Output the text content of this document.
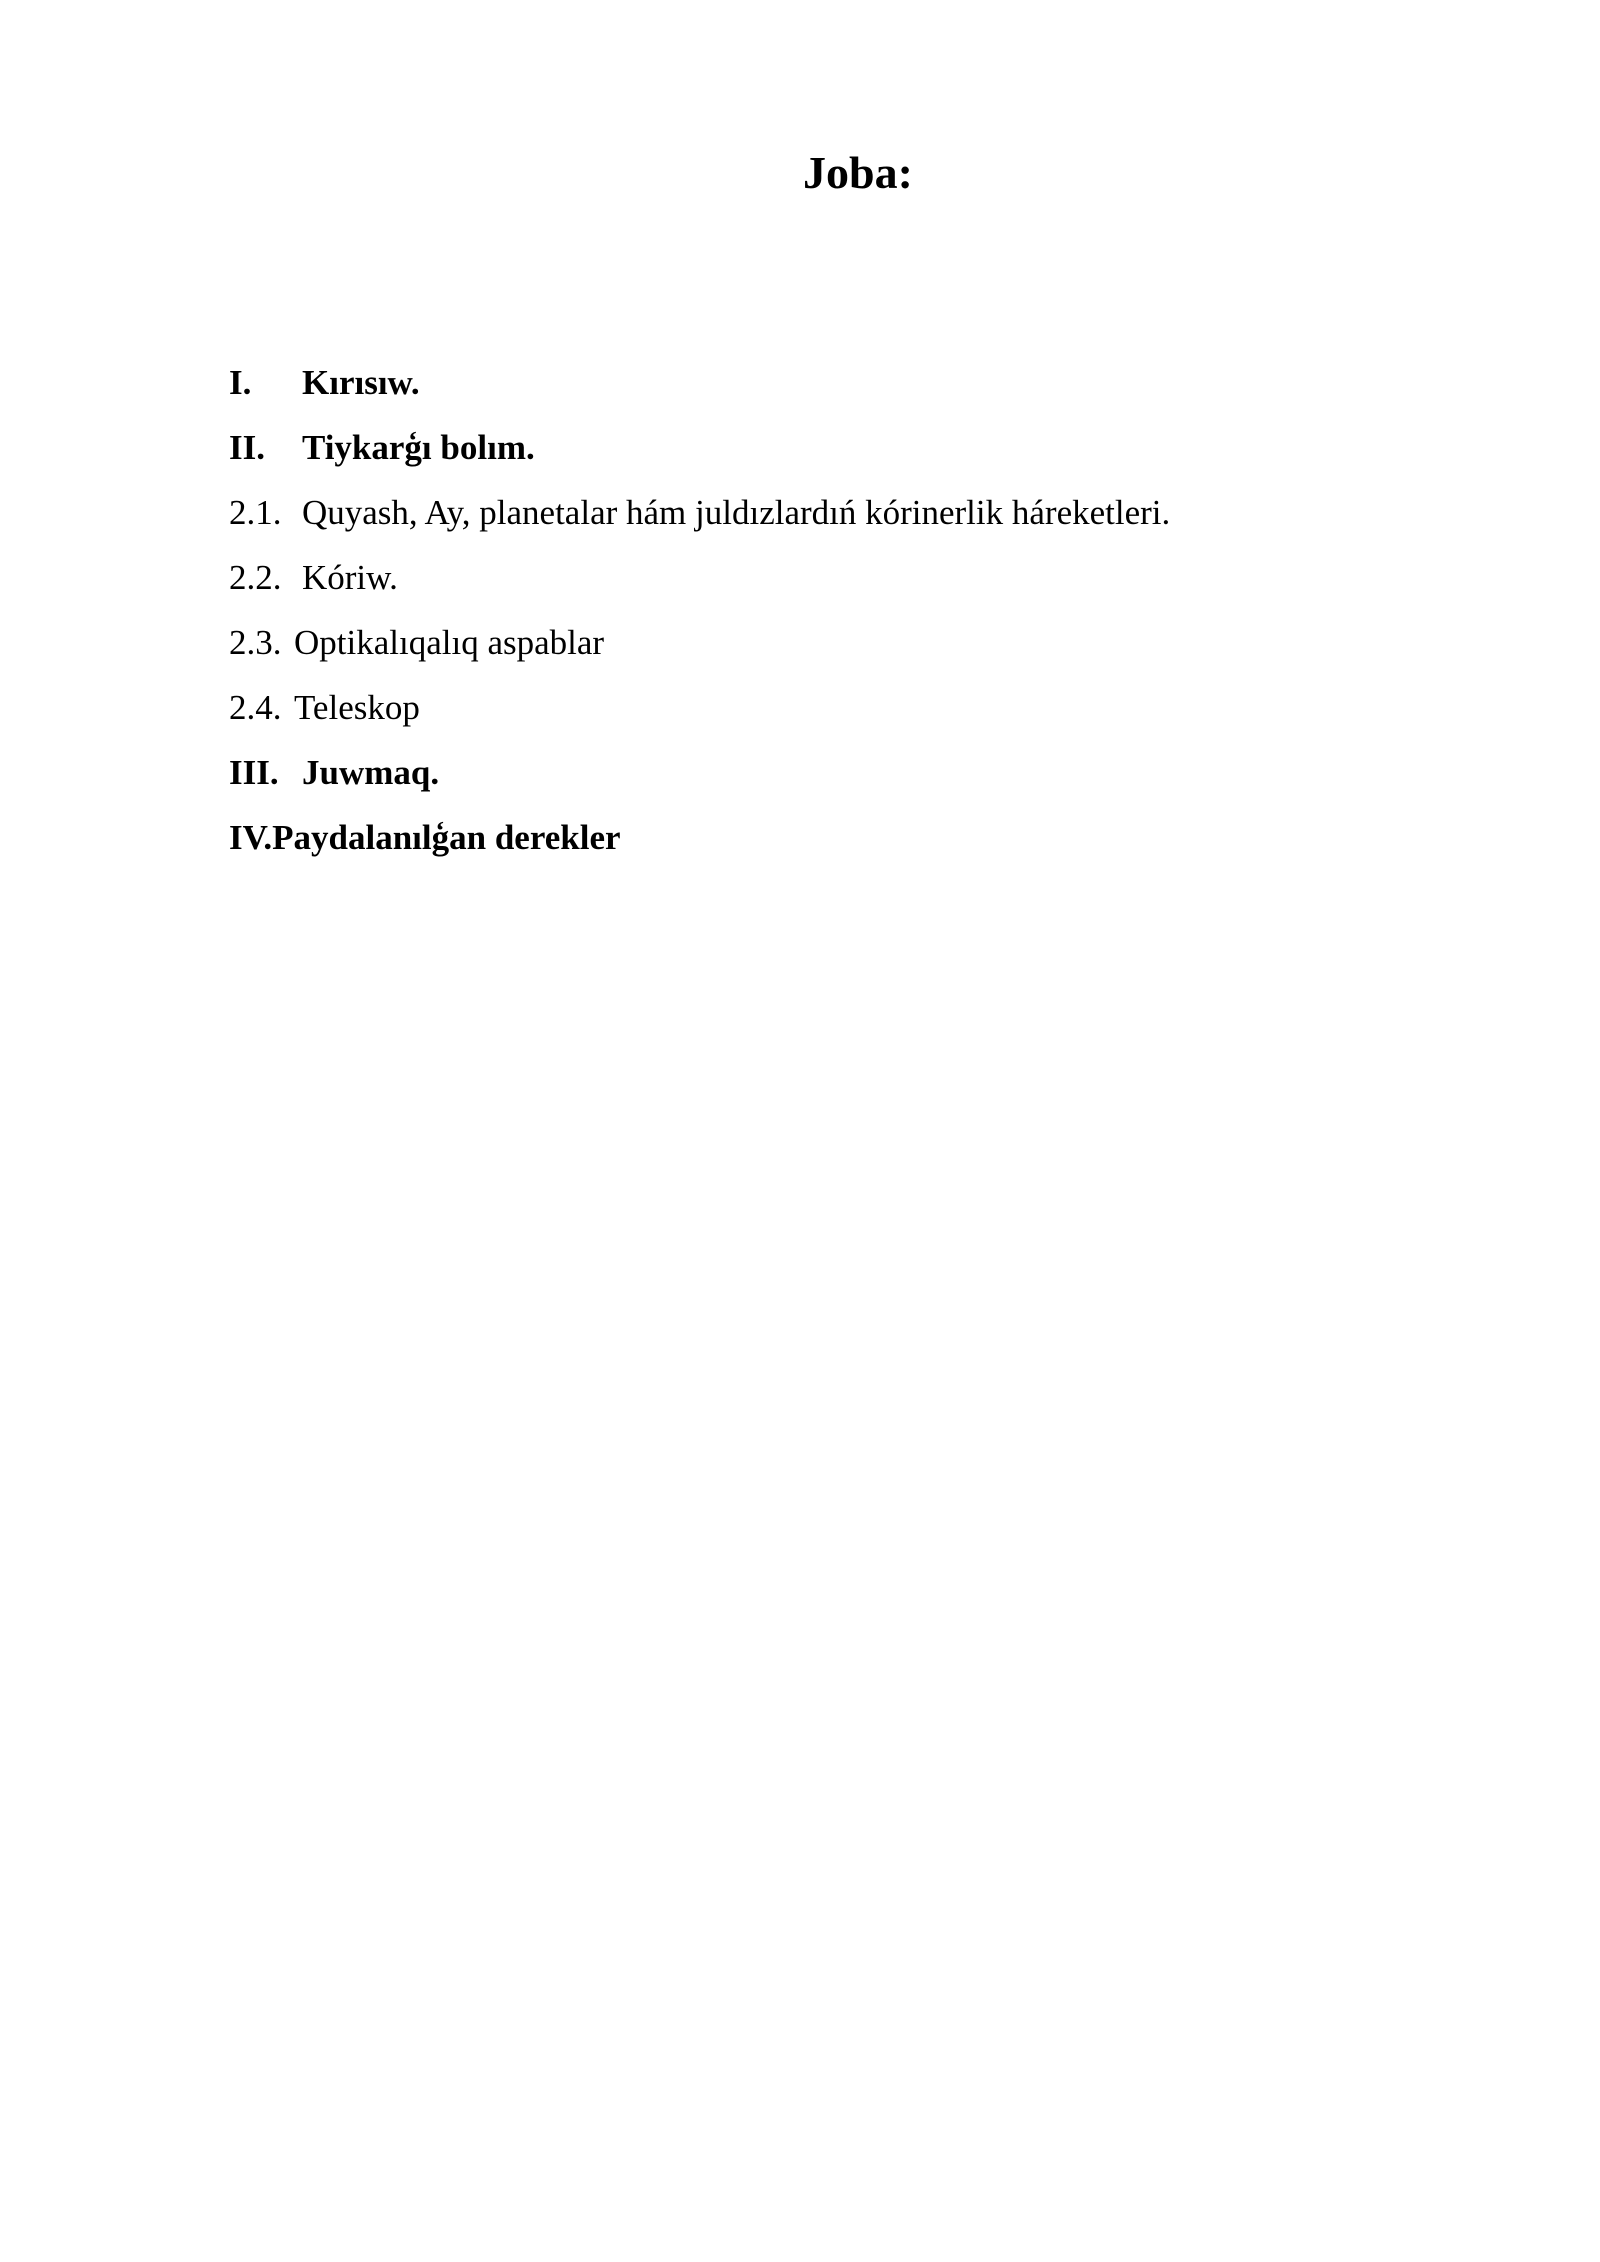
Joba:
I. Kırısıw.
II. Tiykarģı bolım.
2.1. Quyash, Ay, planetalar hám juldızlardıń kórinerlik háreketleri.
2.2. Kóriw.
2.3. Optikalıqalıq aspablar
2.4. Teleskop
III. Juwmaq.
IV.Paydalanılģan derekler
